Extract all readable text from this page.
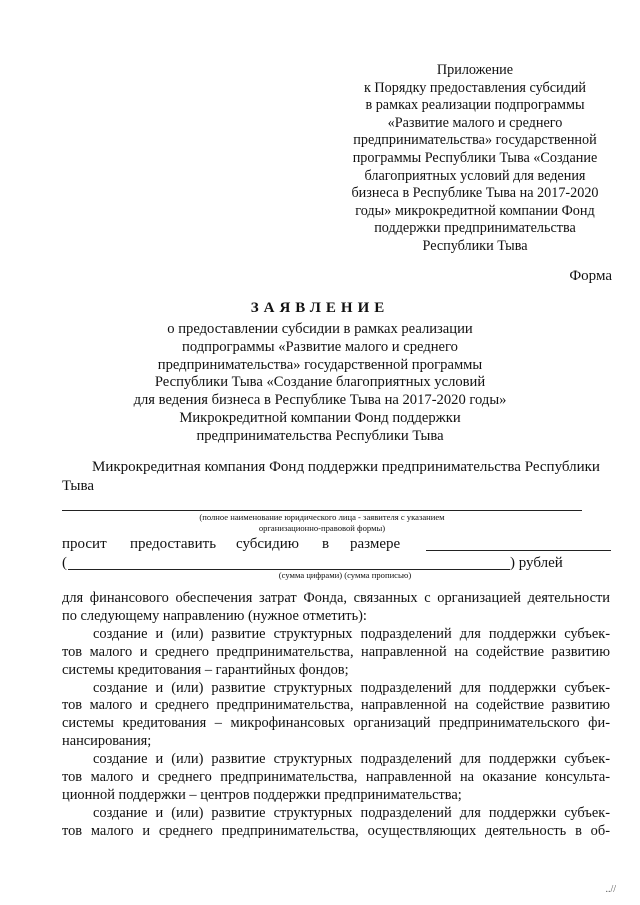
Приложение
к Порядку предоставления субсидий
в рамках реализации подпрограммы
«Развитие малого и среднего
предпринимательства» государственной
программы Республики Тыва «Создание
благоприятных условий для ведения
бизнеса в Республике Тыва на 2017-2020
годы» микрокредитной компании Фонд
поддержки предпринимательства
Республики Тыва
Форма
ЗАЯВЛЕНИЕ
о предоставлении субсидии в рамках реализации
подпрограммы «Развитие малого и среднего
предпринимательства» государственной программы
Республики Тыва «Создание благоприятных условий
для ведения бизнеса в Республике Тыва на 2017-2020 годы»
Микрокредитной компании Фонд поддержки
предпринимательства Республики Тыва
Микрокредитная компания Фонд поддержки предпринимательства Республики
Тыва
(полное наименование юридического лица - заявителя с указанием
организационно-правовой формы)
просит предоставить субсидию в размере
(	) рублей
(сумма цифрами) (сумма прописью)
для финансового обеспечения затрат Фонда, связанных с организацией деятельности
по следующему направлению (нужное отметить):
создание и (или) развитие структурных подразделений для поддержки субъек-
тов малого и среднего предпринимательства, направленной на содействие развитию
системы кредитования – гарантийных фондов;
создание и (или) развитие структурных подразделений для поддержки субъек-
тов малого и среднего предпринимательства, направленной на содействие развитию
системы кредитования – микрофинансовых организаций предпринимательского фи-
нансирования;
создание и (или) развитие структурных подразделений для поддержки субъек-
тов малого и среднего предпринимательства, направленной на оказание консульта-
ционной поддержки – центров поддержки предпринимательства;
создание и (или) развитие структурных подразделений для поддержки субъек-
тов малого и среднего предпринимательства, осуществляющих деятельность в об-
..//
